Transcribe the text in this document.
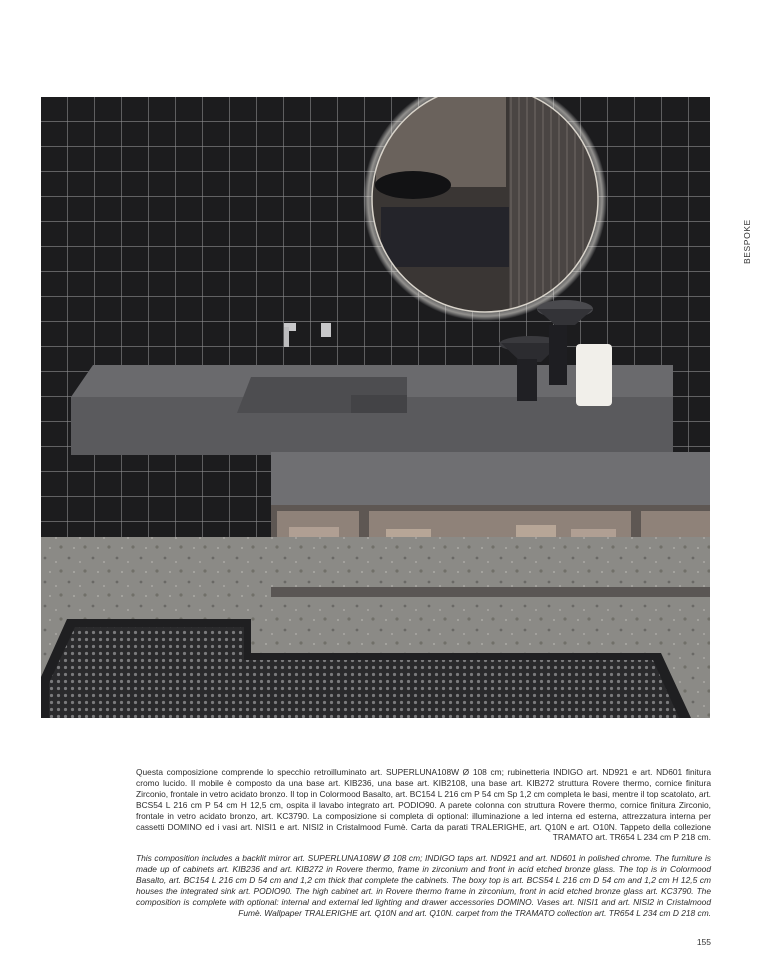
BESPOKE
Questa composizione comprende lo specchio retroilluminato art. SUPERLUNA108W Ø 108 cm; rubinetteria INDIGO art. ND921 e art. ND601 finitura cromo lucido. Il mobile è composto da una base art. KIB236, una base art. KIB2108, una base art. KIB272 struttura Rovere thermo, cornice finitura Zirconio, frontale in vetro acidato bronzo. Il top in Colormood Basalto, art. BC154 L 216 cm P 54 cm Sp 1,2 cm completa le basi, mentre il top scatolato, art. BCS54 L 216 cm P 54 cm H 12,5 cm, ospita il lavabo integrato art. PODIO90. A parete colonna con struttura Rovere thermo, cornice finitura Zirconio, frontale in vetro acidato bronzo, art. KC3790. La composizione si completa di optional: illuminazione a led interna ed esterna, attrezzatura interna per cassetti DOMINO ed i vasi art. NISI1 e art. NISI2 in Cristalmood Fumè. Carta da parati TRALERIGHE, art. Q10N e art. O10N. Tappeto della collezione TRAMATO art. TR654 L 234 cm P 218 cm.
This composition includes a backlit mirror art. SUPERLUNA108W Ø 108 cm; INDIGO taps art. ND921 and art. ND601 in polished chrome. The furniture is made up of cabinets art. KIB236 and art. KIB272 in Rovere thermo, frame in zirconium and front in acid etched bronze glass. The top is in Colormood Basalto, art. BC154 L 216 cm D 54 cm and 1,2 cm thick that complete the cabinets. The boxy top is art. BCS54 L 216 cm D 54 cm and 1,2 cm H 12,5 cm houses the integrated sink art. PODIO90. The high cabinet art. in Rovere thermo frame in zirconium, front in acid etched bronze glass art. KC3790. The composition is complete with optional: internal and external led lighting and drawer accessories DOMINO. Vases art. NISI1 and art. NISI2 in Cristalmood Fumè. Wallpaper TRALERIGHE art. Q10N and art. Q10N. carpet from the TRAMATO collection art. TR654 L 234 cm D 218 cm.
155
